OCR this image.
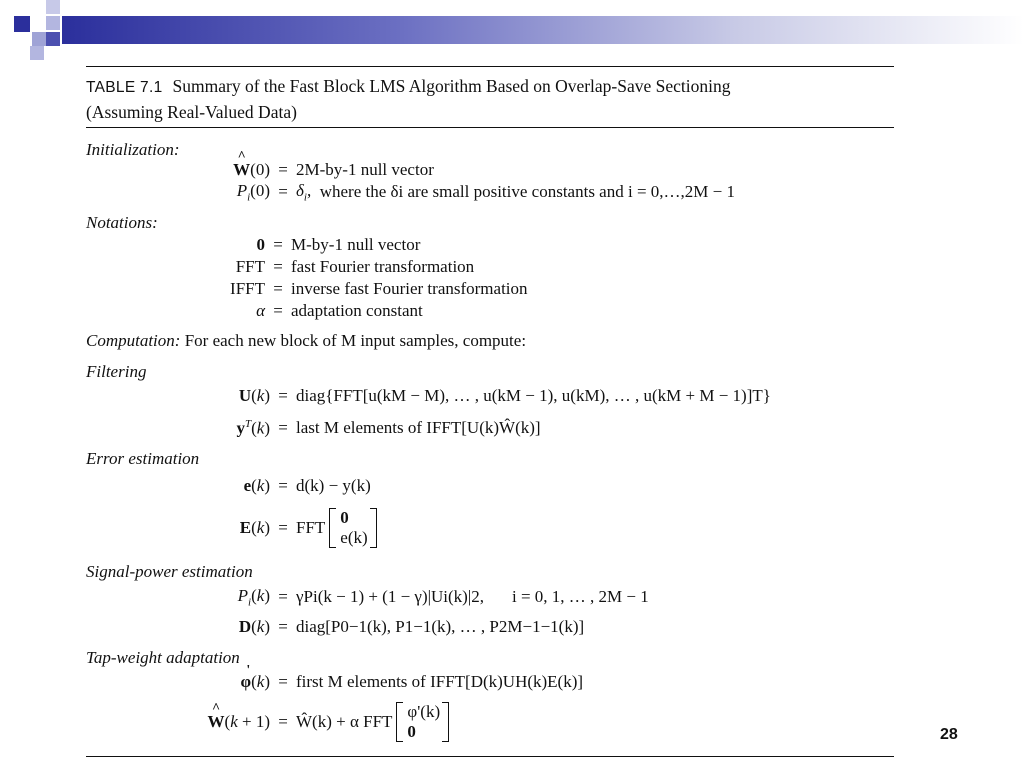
TABLE 7.1 Summary of the Fast Block LMS Algorithm Based on Overlap-Save Sectioning
(Assuming Real-Valued Data)
Initialization:
^ W(0) = 2M-by-1 null vector
$P_i(0) = \delta_i$, where the δi are small positive constants and i = 0,…,2M − 1
Notations:
0 = M-by-1 null vector
FFT = fast Fourier transformation
IFFT = inverse fast Fourier transformation
α = adaptation constant
Computation: For each new block of M input samples, compute:
Filtering
U(k) = diag{FFT[u(kM − M), … , u(kM − 1), u(kM), … , u(kM + M − 1)]T}
$y^T(k)$ = last M elements of IFFT[U(k)Ŵ(k)]
Error estimation
e(k) = d(k) − y(k)
E(k) = FFT
0
e(k)
Signal-power estimation
$P_i(k) = \gamma Pi(k - 1) + (1 - \gamma)|Ui(k)|2$, i = 0, 1, … , 2M − 1
D(k) = diag[P0−1(k), P1−1(k), … , P2M−1−1(k)]
Tap-weight adaptation
φ '(k) = first M elements of IFFT[D(k)UH(k)E(k)]
^ W(k + 1) = Ŵ(k) + α FFT
φ'(k)
0	28
